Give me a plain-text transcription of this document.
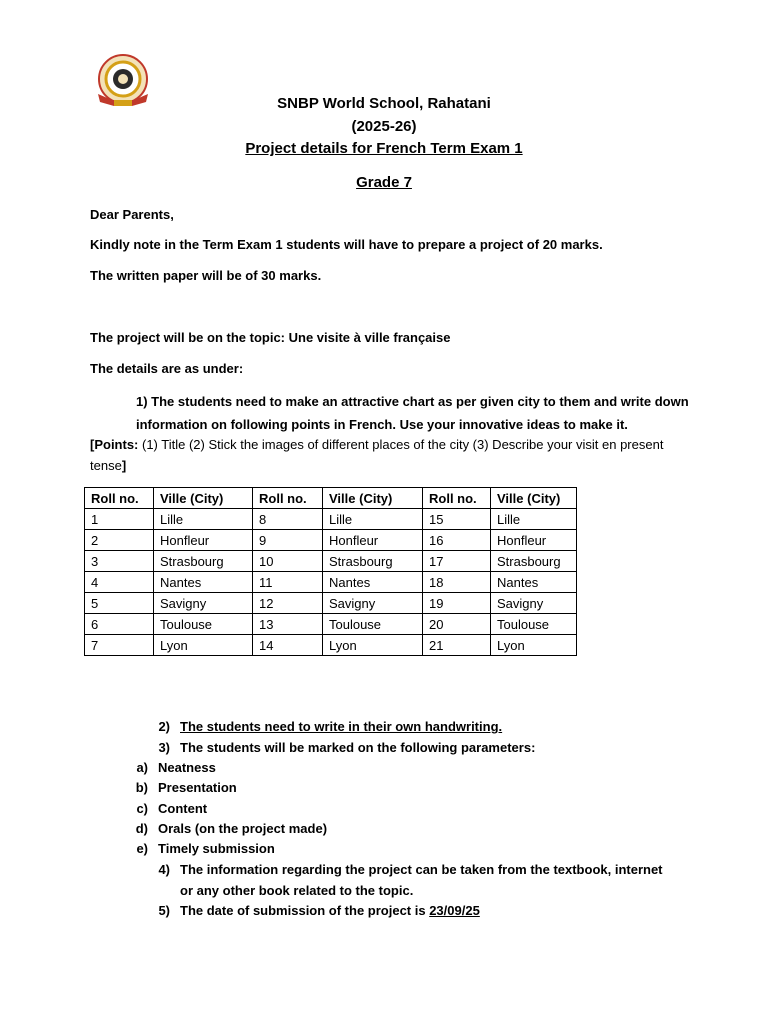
SNBP World School, Rahatani
(2025-26)
Project details for French Term Exam 1
Grade 7
Dear Parents,
Kindly note in the Term Exam 1 students will have to prepare a project of 20 marks.
The written paper will be of 30 marks.
The project will be on the topic: Une visite à ville française
The details are as under:
1) The students need to make an attractive chart as per given city to them and write down information on following points in French. Use your innovative ideas to make it.
[Points: (1) Title (2) Stick the images of different places of the city (3) Describe your visit en present tense]
Roll no.	Ville (City)	Roll no.	Ville (City)	Roll no.	Ville (City)
1	Lille	8	Lille	15	Lille
2	Honfleur	9	Honfleur	16	Honfleur
3	Strasbourg	10	Strasbourg	17	Strasbourg
4	Nantes	11	Nantes	18	Nantes
5	Savigny	12	Savigny	19	Savigny
6	Toulouse	13	Toulouse	20	Toulouse
7	Lyon	14	Lyon	21	Lyon
2) The students need to write in their own handwriting.
3) The students will be marked on the following parameters:
a) Neatness
b) Presentation
c) Content
d) Orals (on the project made)
e) Timely submission
4) The information regarding the project can be taken from the textbook, internet
or any other book related to the topic.
5) The date of submission of the project is 23/09/25
